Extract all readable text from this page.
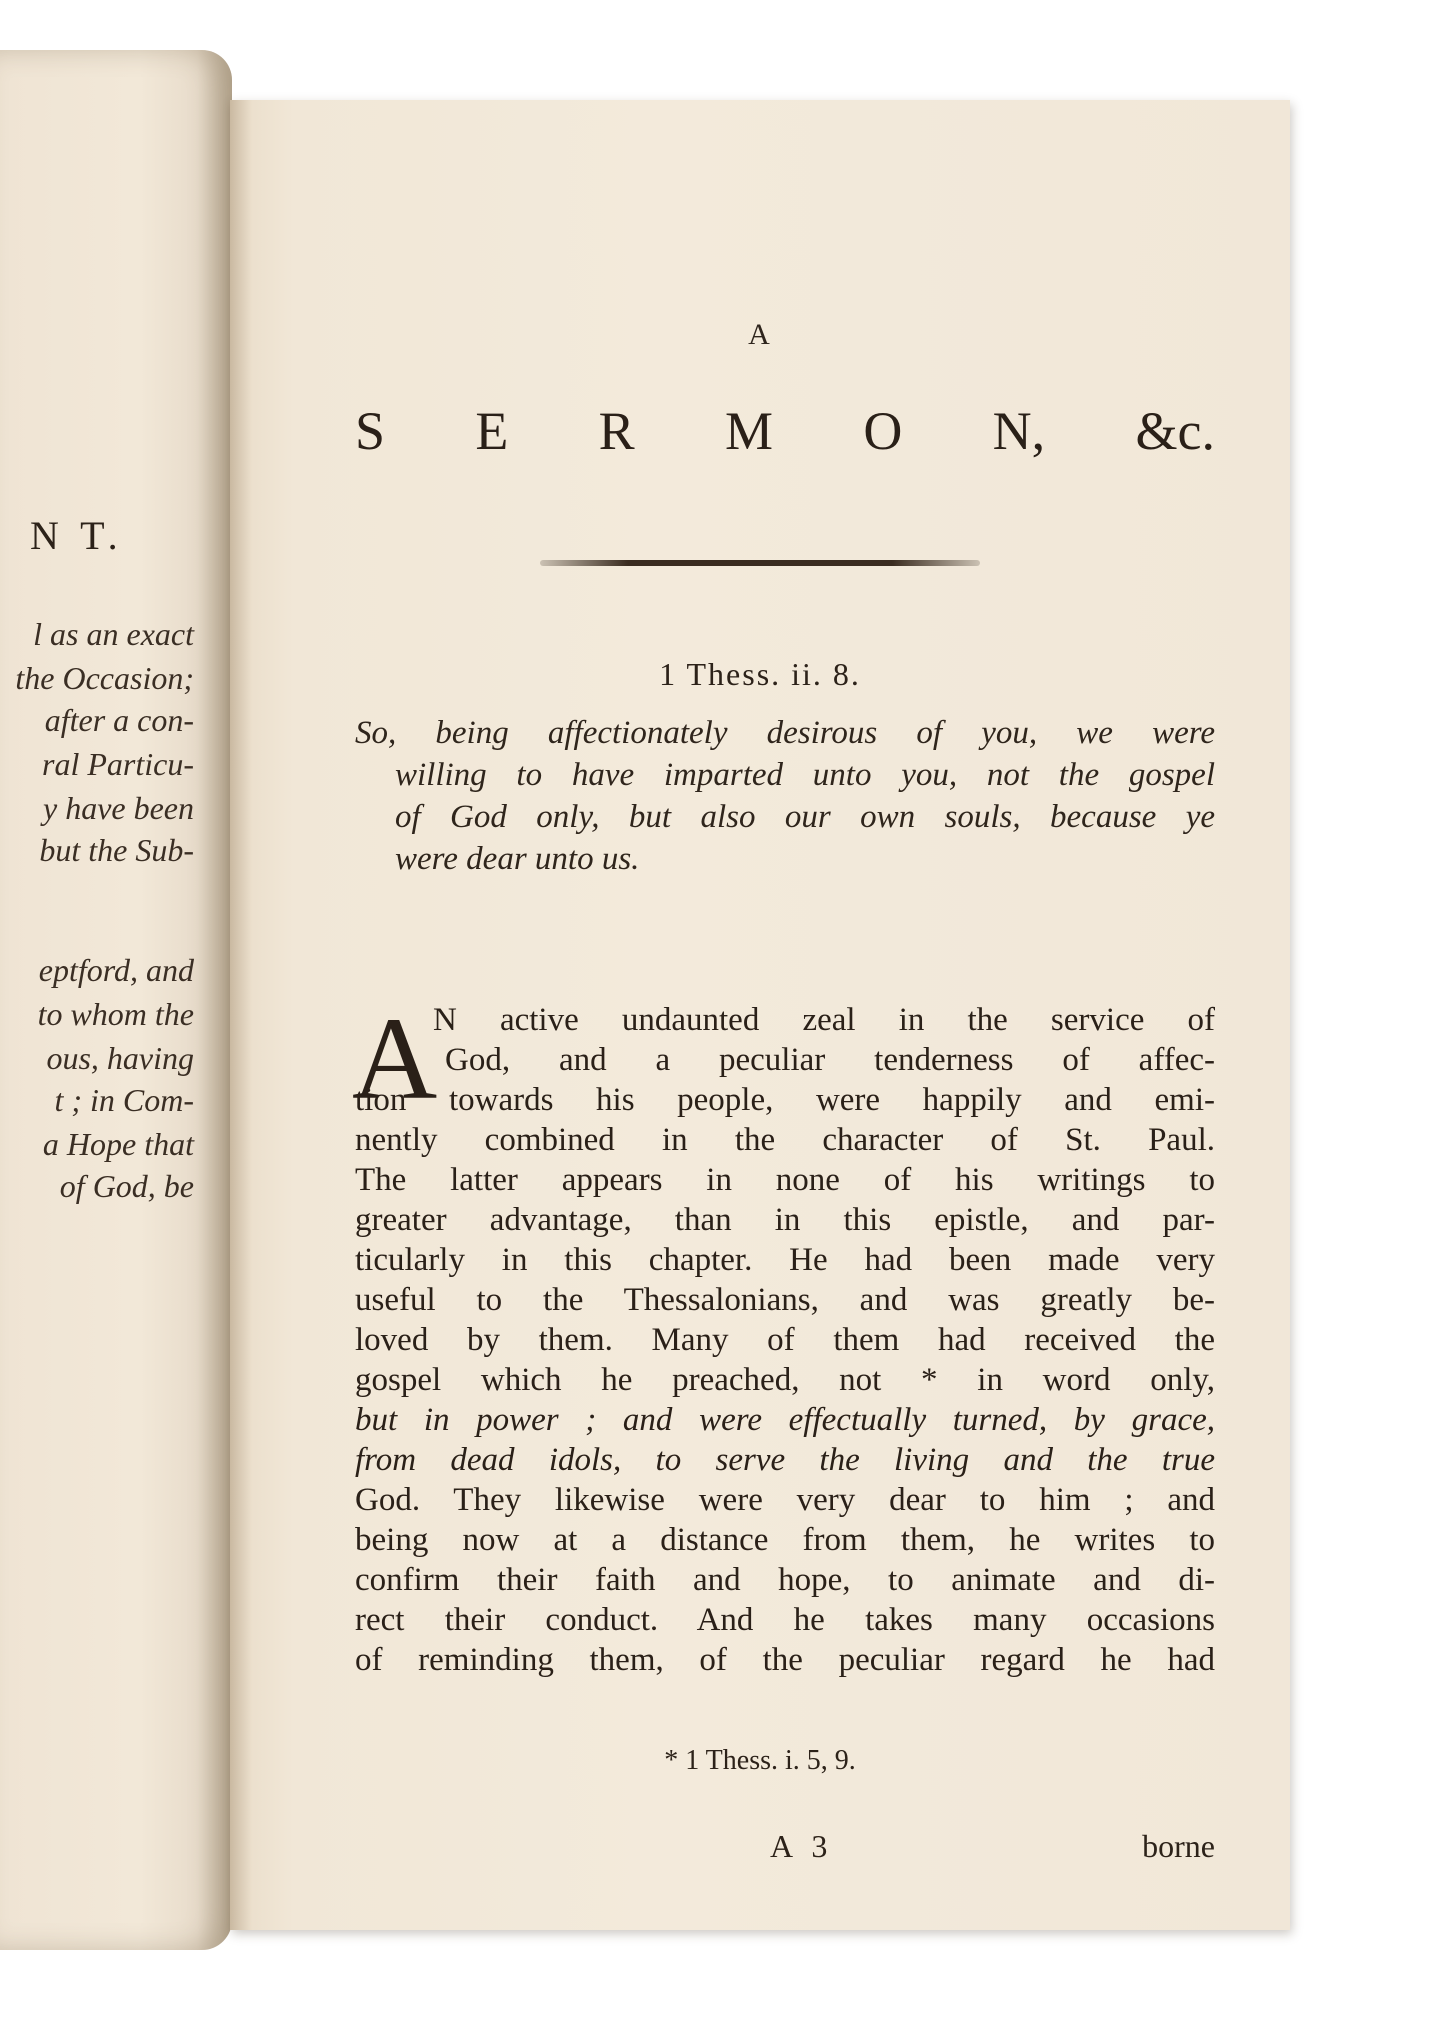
N T.
l as an exact
the Occasion;
after a con-
ral Particu-
y have been
but the Sub-
eptford, and
to whom the
ous, having
t ; in Com-
a Hope that
of God, be
A
S E R M O N, &c.
1 Thess. ii. 8.
So, being affectionately desirous of you, we were
willing to have imparted unto you, not the gospel
of God only, but also our own souls, because ye
were dear unto us.
A
N active undaunted zeal in the service of
God, and a peculiar tenderness of affec-
tion towards his people, were happily and emi-
nently combined in the character of St. Paul.
The latter appears in none of his writings to
greater advantage, than in this epistle, and par-
ticularly in this chapter. He had been made very
useful to the Thessalonians, and was greatly be-
loved by them. Many of them had received the
gospel which he preached, not * in word only,
but in power ; and were effectually turned, by grace,
from dead idols, to serve the living and the true
God. They likewise were very dear to him ; and
being now at a distance from them, he writes to
confirm their faith and hope, to animate and di-
rect their conduct. And he takes many occasions
of reminding them, of the peculiar regard he had
* 1 Thess. i. 5, 9.
A 3	borne
